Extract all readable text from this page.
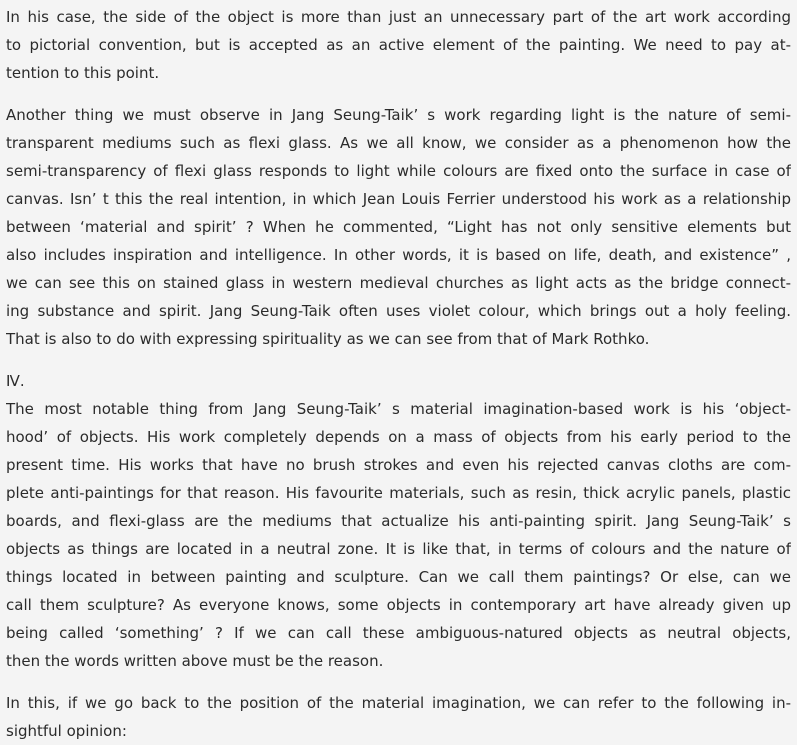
In his case, the side of the object is more than just an unnecessary part of the art work according
to pictorial convention, but is accepted as an active element of the painting. We need to pay at-
tention to this point.
Another thing we must observe in Jang Seung-Taik’ s work regarding light is the nature of semi-
transparent mediums such as flexi glass. As we all know, we consider as a phenomenon how the
semi-transparency of flexi glass responds to light while colours are fixed onto the surface in case of
canvas. Isn’ t this the real intention, in which Jean Louis Ferrier understood his work as a relationship
between ‘material and spirit’ ? When he commented, “Light has not only sensitive elements but
also includes inspiration and intelligence. In other words, it is based on life, death, and existence” ,
we can see this on stained glass in western medieval churches as light acts as the bridge connect-
ing substance and spirit. Jang Seung-Taik often uses violet colour, which brings out a holy feeling.
That is also to do with expressing spirituality as we can see from that of Mark Rothko.
Ⅳ.
The most notable thing from Jang Seung-Taik’ s material imagination-based work is his ‘object-
hood’ of objects. His work completely depends on a mass of objects from his early period to the
present time. His works that have no brush strokes and even his rejected canvas cloths are com-
plete anti-paintings for that reason. His favourite materials, such as resin, thick acrylic panels, plastic
boards, and flexi-glass are the mediums that actualize his anti-painting spirit. Jang Seung-Taik’ s
objects as things are located in a neutral zone. It is like that, in terms of colours and the nature of
things located in between painting and sculpture. Can we call them paintings? Or else, can we
call them sculpture? As everyone knows, some objects in contemporary art have already given up
being called ‘something’ ? If we can call these ambiguous-natured objects as neutral objects,
then the words written above must be the reason.
In this, if we go back to the position of the material imagination, we can refer to the following in-
sightful opinion:
